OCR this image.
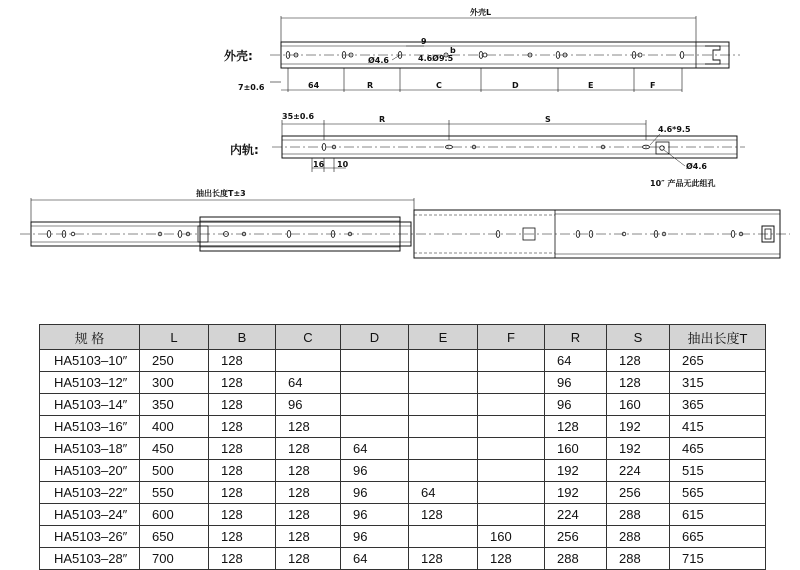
外壳:
外壳L
9
b
Ø4.6	4.6Ø9.5
7±0.6	64	R	C	D	E	F
内轨:
35±0.6	R	S
4.6*9.5
Ø4.6
16 10
10″ 产品无此组孔
抽出长度T±3
规 格	L	B	C	D	E	F	R	S	抽出长度T
HA5103–10″	250	128					64	128	265
HA5103–12″	300	128	64				96	128	315
HA5103–14″	350	128	96				96	160	365
HA5103–16″	400	128	128				128	192	415
HA5103–18″	450	128	128	64			160	192	465
HA5103–20″	500	128	128	96			192	224	515
HA5103–22″	550	128	128	96	64		192	256	565
HA5103–24″	600	128	128	96	128		224	288	615
HA5103–26″	650	128	128	96		160	256	288	665
HA5103–28″	700	128	128	64	128	128	288	288	715
